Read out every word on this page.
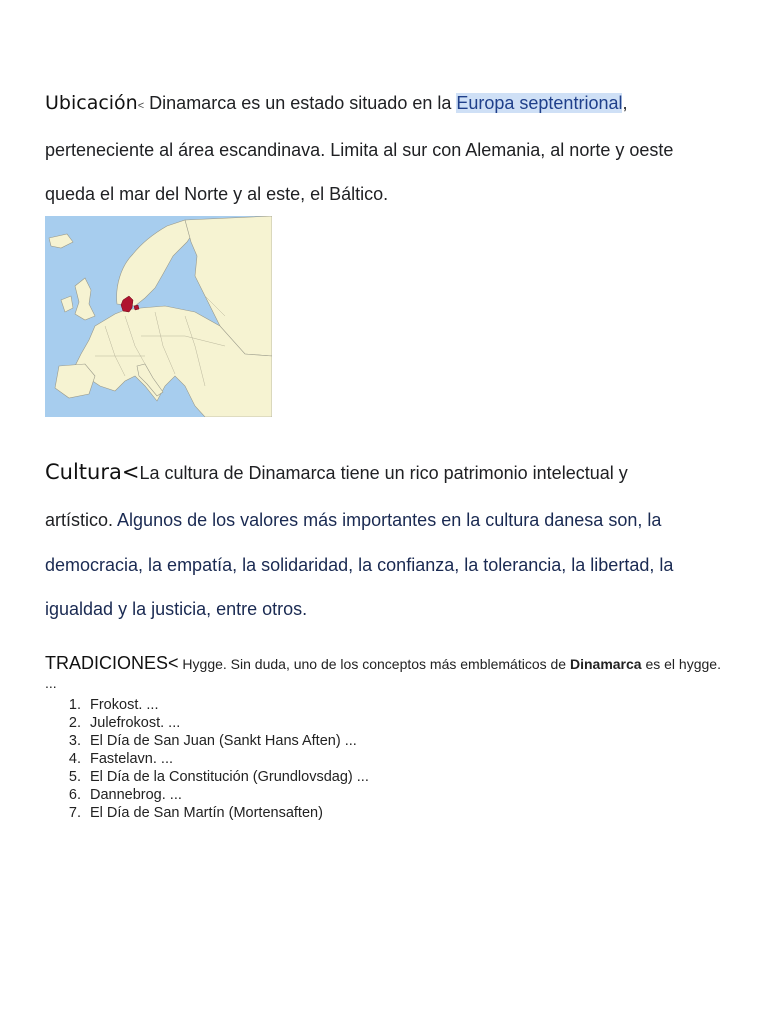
Ubicación< Dinamarca es un estado situado en la Europa septentrional,
perteneciente al área escandinava. Limita al sur con Alemania, al norte y oeste
queda el mar del Norte y al este, el Báltico.
Cultura<La cultura de Dinamarca tiene un rico patrimonio intelectual y
artístico. Algunos de los valores más importantes en la cultura danesa son, la
democracia, la empatía, la solidaridad, la confianza, la tolerancia, la libertad, la
igualdad y la justicia, entre otros.
TRADICIONES< Hygge. Sin duda, uno de los conceptos más emblemáticos de Dinamarca es el hygge. ...
1. Frokost. ...
2. Julefrokost. ...
3. El Día de San Juan (Sankt Hans Aften) ...
4. Fastelavn. ...
5. El Día de la Constitución (Grundlovsdag) ...
6. Dannebrog. ...
7. El Día de San Martín (Mortensaften)
